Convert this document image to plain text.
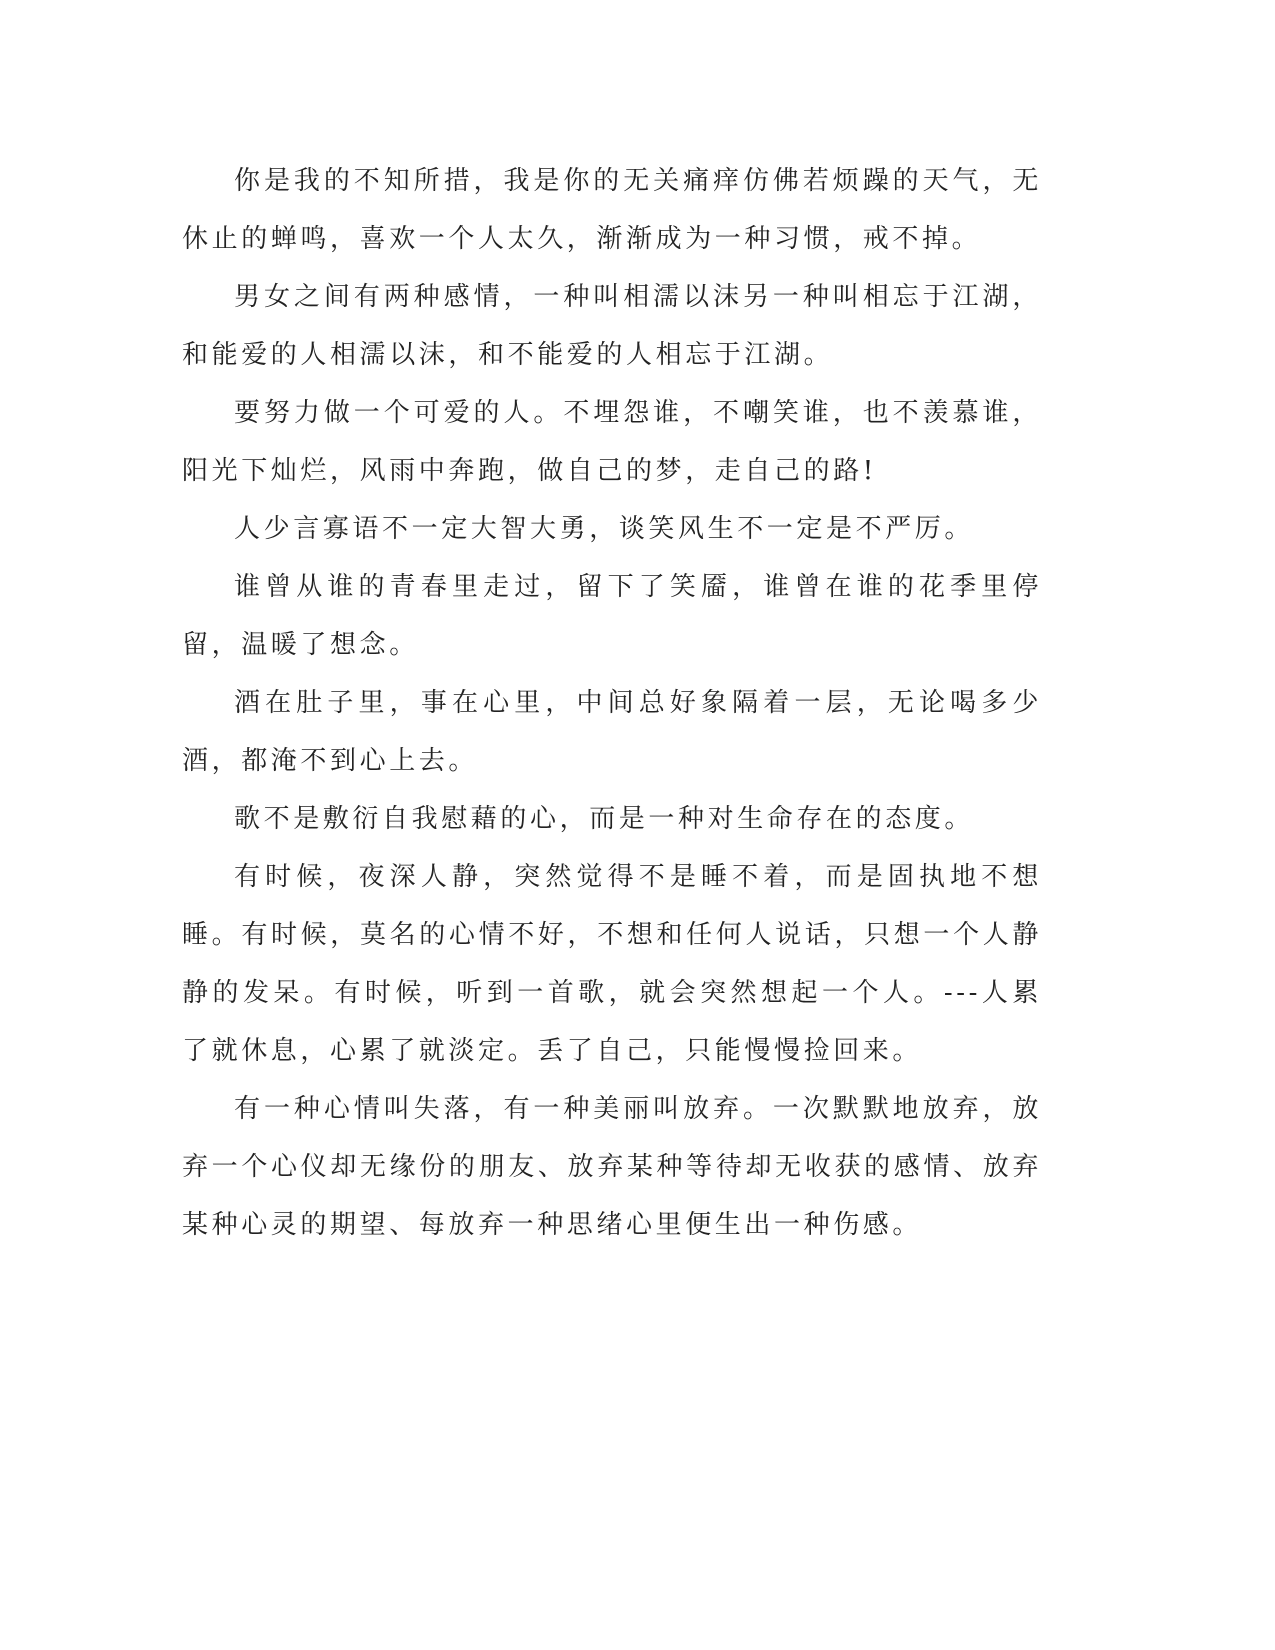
你是我的不知所措，我是你的无关痛痒仿佛若烦躁的天气，无休止的蝉鸣，喜欢一个人太久，渐渐成为一种习惯，戒不掉。

男女之间有两种感情，一种叫相濡以沫另一种叫相忘于江湖，和能爱的人相濡以沫，和不能爱的人相忘于江湖。

要努力做一个可爱的人。不埋怨谁，不嘲笑谁，也不羡慕谁，阳光下灿烂，风雨中奔跑，做自己的梦，走自己的路!

人少言寡语不一定大智大勇，谈笑风生不一定是不严厉。

谁曾从谁的青春里走过，留下了笑靥，谁曾在谁的花季里停留，温暖了想念。

酒在肚子里，事在心里，中间总好象隔着一层，无论喝多少酒，都淹不到心上去。

歌不是敷衍自我慰藉的心，而是一种对生命存在的态度。

有时候，夜深人静，突然觉得不是睡不着，而是固执地不想睡。有时候，莫名的心情不好，不想和任何人说话，只想一个人静静的发呆。有时候，听到一首歌，就会突然想起一个人。---人累了就休息，心累了就淡定。丢了自己，只能慢慢捡回来。

有一种心情叫失落，有一种美丽叫放弃。一次默默地放弃，放弃一个心仪却无缘份的朋友、放弃某种等待却无收获的感情、放弃某种心灵的期望、每放弃一种思绪心里便生出一种伤感。
